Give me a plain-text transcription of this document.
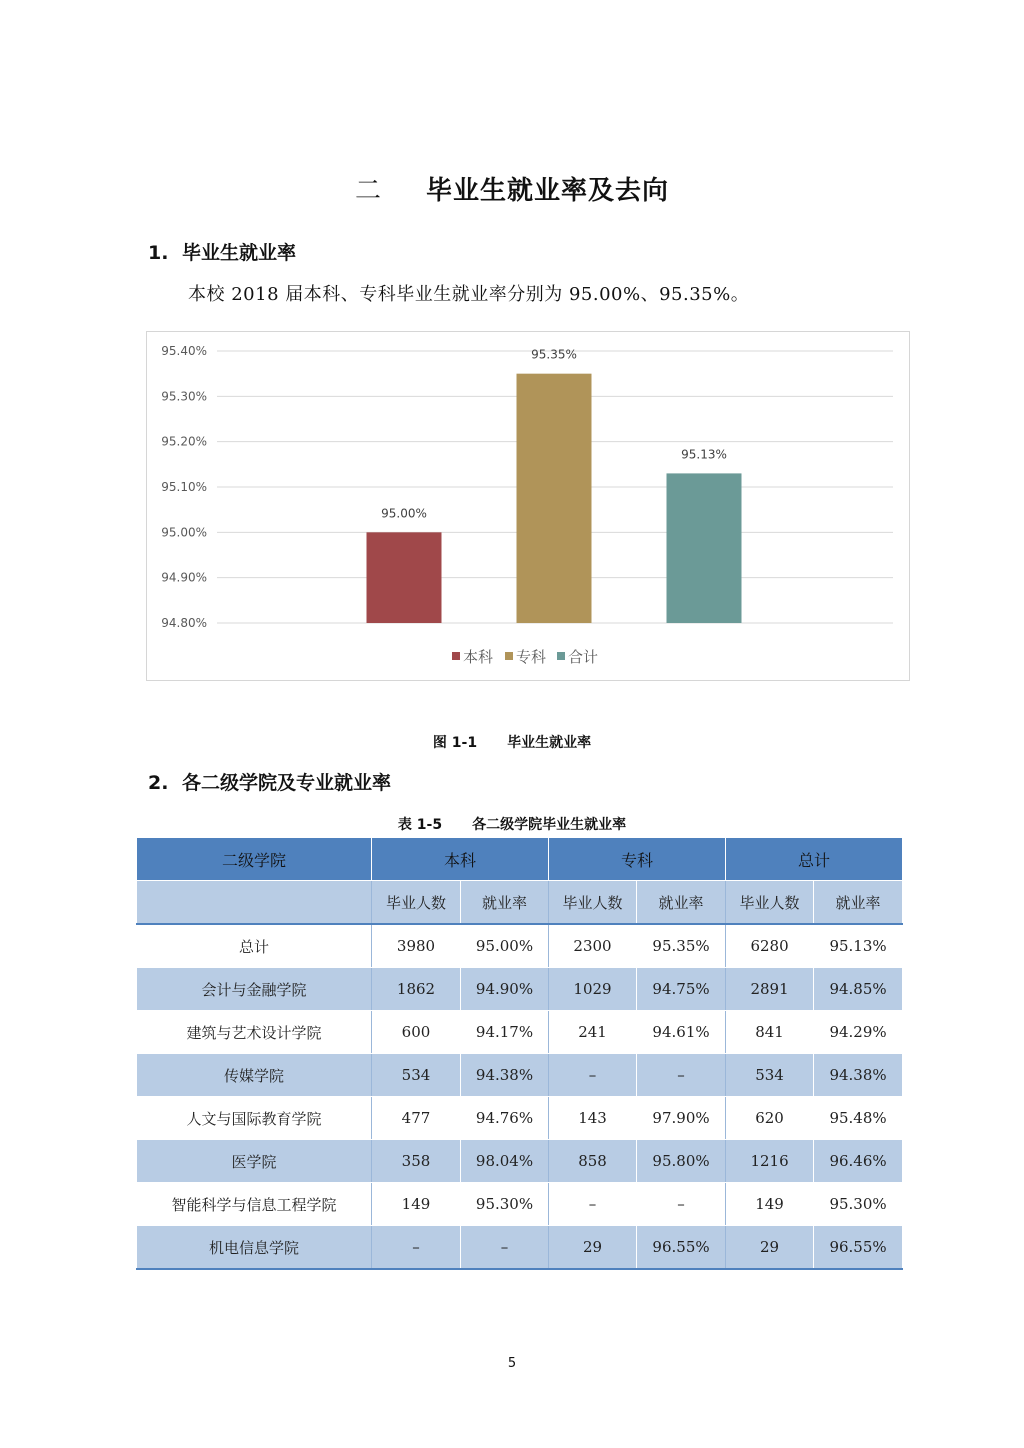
二 毕业生就业率及去向
1. 毕业生就业率
本校 2018 届本科、专科毕业生就业率分别为 95.00%、95.35%。
94.80%
94.90%
95.00%
95.10%
95.20%
95.30%
95.40%
95.00%
95.35%
95.13%
本科 专科 合计
图 1-1 毕业生就业率
2. 各二级学院及专业就业率
表 1-5 各二级学院毕业生就业率
二级学院	本科		专科		总计	
	毕业人数	就业率	毕业人数	就业率	毕业人数	就业率
总计	3980	95.00%	2300	95.35%	6280	95.13%
会计与金融学院	1862	94.90%	1029	94.75%	2891	94.85%
建筑与艺术设计学院	600	94.17%	241	94.61%	841	94.29%
传媒学院	534	94.38%	–	–	534	94.38%
人文与国际教育学院	477	94.76%	143	97.90%	620	95.48%
医学院	358	98.04%	858	95.80%	1216	96.46%
智能科学与信息工程学院	149	95.30%	–	–	149	95.30%
机电信息学院	–	–	29	96.55%	29	96.55%
5
